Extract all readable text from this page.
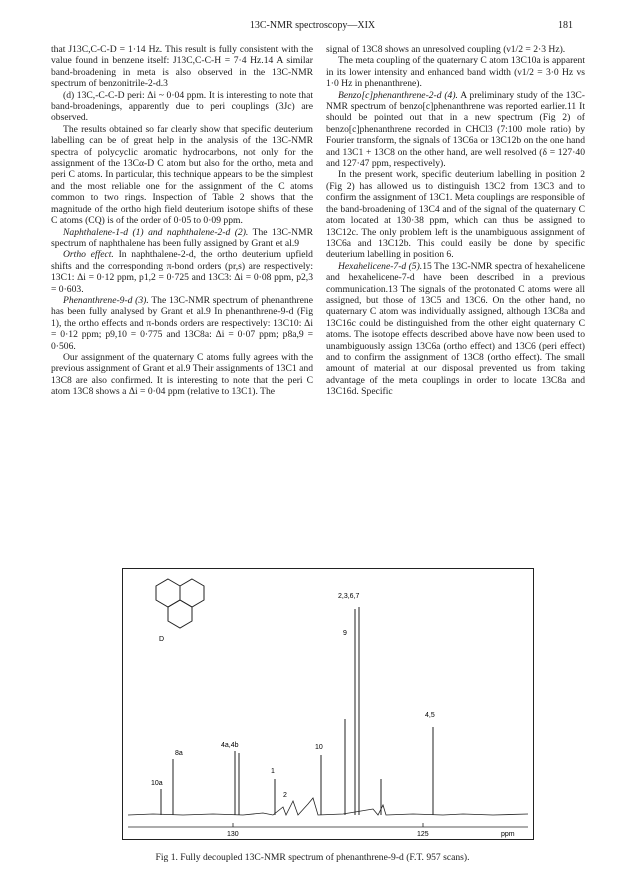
13C-NMR spectroscopy—XIX	181

that J13C,C-C-D = 1·14 Hz. This result is fully consistent with the value found in benzene itself: J13C,C-C-H = 7·4 Hz.14 A similar band-broadening in meta is also observed in the 13C-NMR spectrum of benzonitrile-2-d.3

(d) 13C,-C-C-D peri: Δi ~ 0·04 ppm. It is interesting to note that band-broadenings, apparently due to peri couplings (3Jc) are observed.

The results obtained so far clearly show that specific deuterium labelling can be of great help in the analysis of the 13C-NMR spectra of polycyclic aromatic hydrocarbons, not only for the assignment of the 13Cα-D C atom but also for the ortho, meta and peri C atoms. In particular, this technique appears to be the simplest and the most reliable one for the assignment of the C atoms common to two rings. Inspection of Table 2 shows that the magnitude of the ortho high field deuterium isotope shifts of these C atoms (CQ) is of the order of 0·05 to 0·09 ppm.

Naphthalene-1-d (1) and naphthalene-2-d (2). The 13C-NMR spectrum of naphthalene has been fully assigned by Grant et al.9

Ortho effect. In naphthalene-2-d, the ortho deuterium upfield shifts and the corresponding π-bond orders (pr,s) are respectively: 13C1: Δi = 0·12 ppm, p1,2 = 0·725 and 13C3: Δi = 0·08 ppm, p2,3 = 0·603.

Phenanthrene-9-d (3). The 13C-NMR spectrum of phenanthrene has been fully analysed by Grant et al.9 In phenanthrene-9-d (Fig 1), the ortho effects and π-bonds orders are respectively: 13C10: Δi = 0·12 ppm; p9,10 = 0·775 and 13C8a: Δi = 0·07 ppm; p8a,9 = 0·506.

Our assignment of the quaternary C atoms fully agrees with the previous assignment of Grant et al.9 Their assignments of 13C1 and 13C8 are also confirmed. It is interesting to note that the peri C atom 13C8 shows a Δi = 0·04 ppm (relative to 13C1). The

signal of 13C8 shows an unresolved coupling (ν1/2 = 2·3 Hz).

The meta coupling of the quaternary C atom 13C10a is apparent in its lower intensity and enhanced band width (ν1/2 = 3·0 Hz vs 1·0 Hz in phenanthrene).

Benzo[c]phenanthrene-2-d (4). A preliminary study of the 13C-NMR spectrum of benzo[c]phenanthrene was reported earlier.11 It should be pointed out that in a new spectrum (Fig 2) of benzo[c]phenanthrene recorded in CHCl3 (7:100 mole ratio) by Fourier transform, the signals of 13C6a or 13C12b on the one hand and 13C1 + 13C8 on the other hand, are well resolved (δ = 127·40 and 127·47 ppm, respectively).

In the present work, specific deuterium labelling in position 2 (Fig 2) has allowed us to distinguish 13C2 from 13C3 and to confirm the assignment of 13C1. Meta couplings are responsible of the band-broadening of 13C4 and of the signal of the quaternary C atom located at 130·38 ppm, which can thus be assigned to 13C12c. The only problem left is the unambiguous assignment of 13C6a and 13C12b. This could easily be done by specific deuterium labelling in position 6.

Hexahelicene-7-d (5).15 The 13C-NMR spectra of hexahelicene and hexahelicene-7-d have been described in a previous communication.13 The signals of the protonated C atoms were all assigned, but those of 13C5 and 13C6. On the other hand, no quaternary C atom was individually assigned, although 13C8a and 13C16c could be distinguished from the other eight quaternary C atoms. The isotope effects described above have now been used to unambiguously assign 13C6a (ortho effect) and 13C6 (peri effect) and to confirm the assignment of 13C8 (ortho effect). The small amount of material at our disposal prevented us from taking advantage of the meta couplings in order to locate 13C8a and 13C16d. Specific

D
2,3,6,7
9
4,5
8a
4a,4b
1
10
2
10a
130	125	ppm
Fig 1. Fully decoupled 13C-NMR spectrum of phenanthrene-9-d (F.T. 957 scans).
